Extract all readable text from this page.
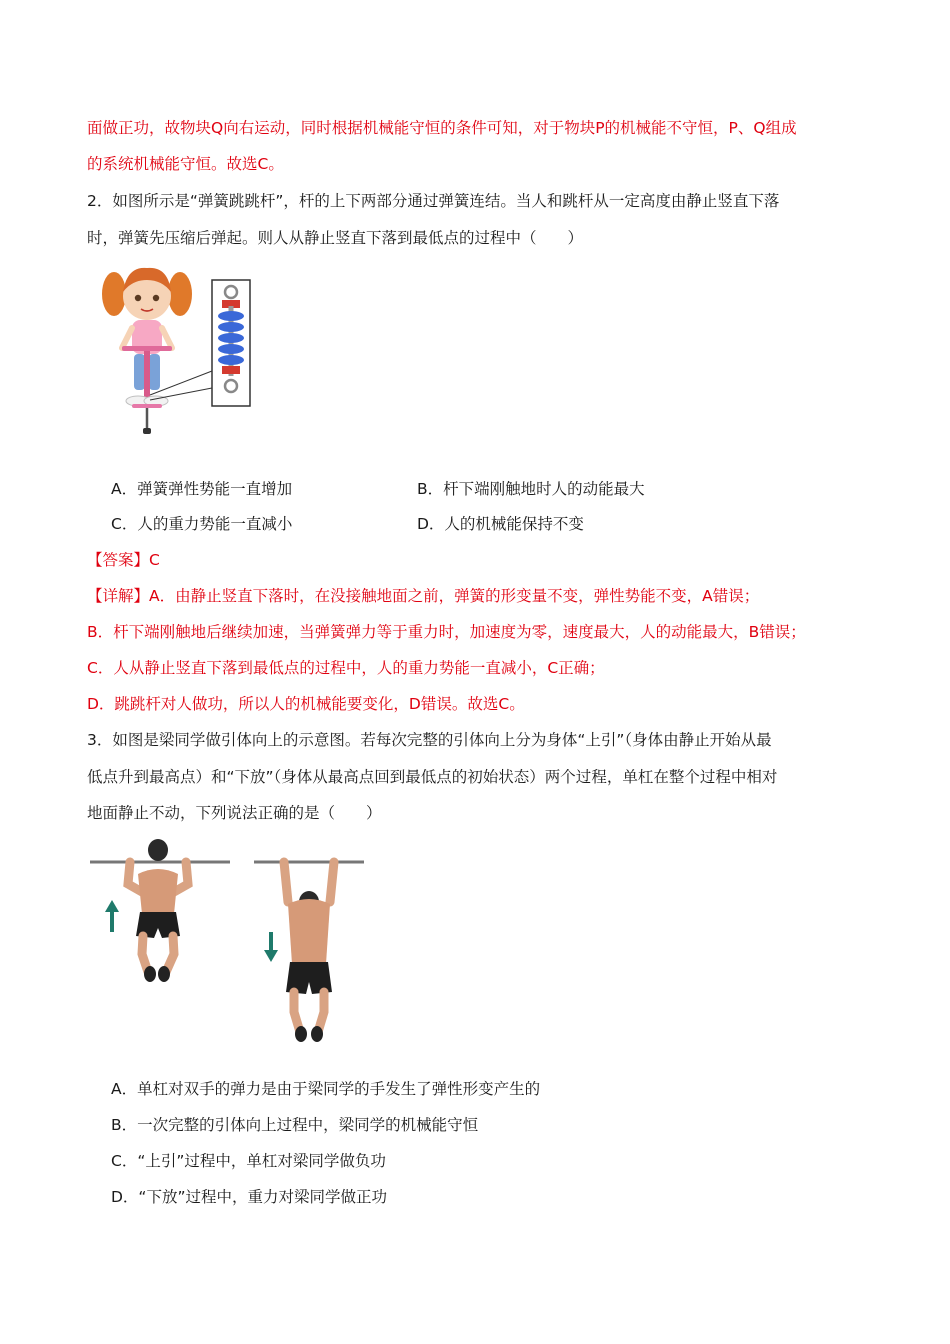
面做正功，故物块Q向右运动，同时根据机械能守恒的条件可知，对于物块P的机械能不守恒，P、Q组成
的系统机械能守恒。故选C。
2．如图所示是“弹簧跳跳杆”，杆的上下两部分通过弹簧连结。当人和跳杆从一定高度由静止竖直下落
时，弹簧先压缩后弹起。则人从静止竖直下落到最低点的过程中（　　）
A．弹簧弹性势能一直增加	B．杆下端刚触地时人的动能最大
C．人的重力势能一直减小	D．人的机械能保持不变
【答案】C
【详解】A．由静止竖直下落时，在没接触地面之前，弹簧的形变量不变，弹性势能不变，A错误；
B．杆下端刚触地后继续加速，当弹簧弹力等于重力时，加速度为零，速度最大，人的动能最大，B错误；
C．人从静止竖直下落到最低点的过程中，人的重力势能一直减小，C正确；
D．跳跳杆对人做功，所以人的机械能要变化，D错误。故选C。
3．如图是梁同学做引体向上的示意图。若每次完整的引体向上分为身体“上引”（身体由静止开始从最
低点升到最高点）和“下放”（身体从最高点回到最低点的初始状态）两个过程，单杠在整个过程中相对
地面静止不动，下列说法正确的是（　　）
A．单杠对双手的弹力是由于梁同学的手发生了弹性形变产生的
B．一次完整的引体向上过程中，梁同学的机械能守恒
C．“上引”过程中，单杠对梁同学做负功
D．“下放”过程中，重力对梁同学做正功
